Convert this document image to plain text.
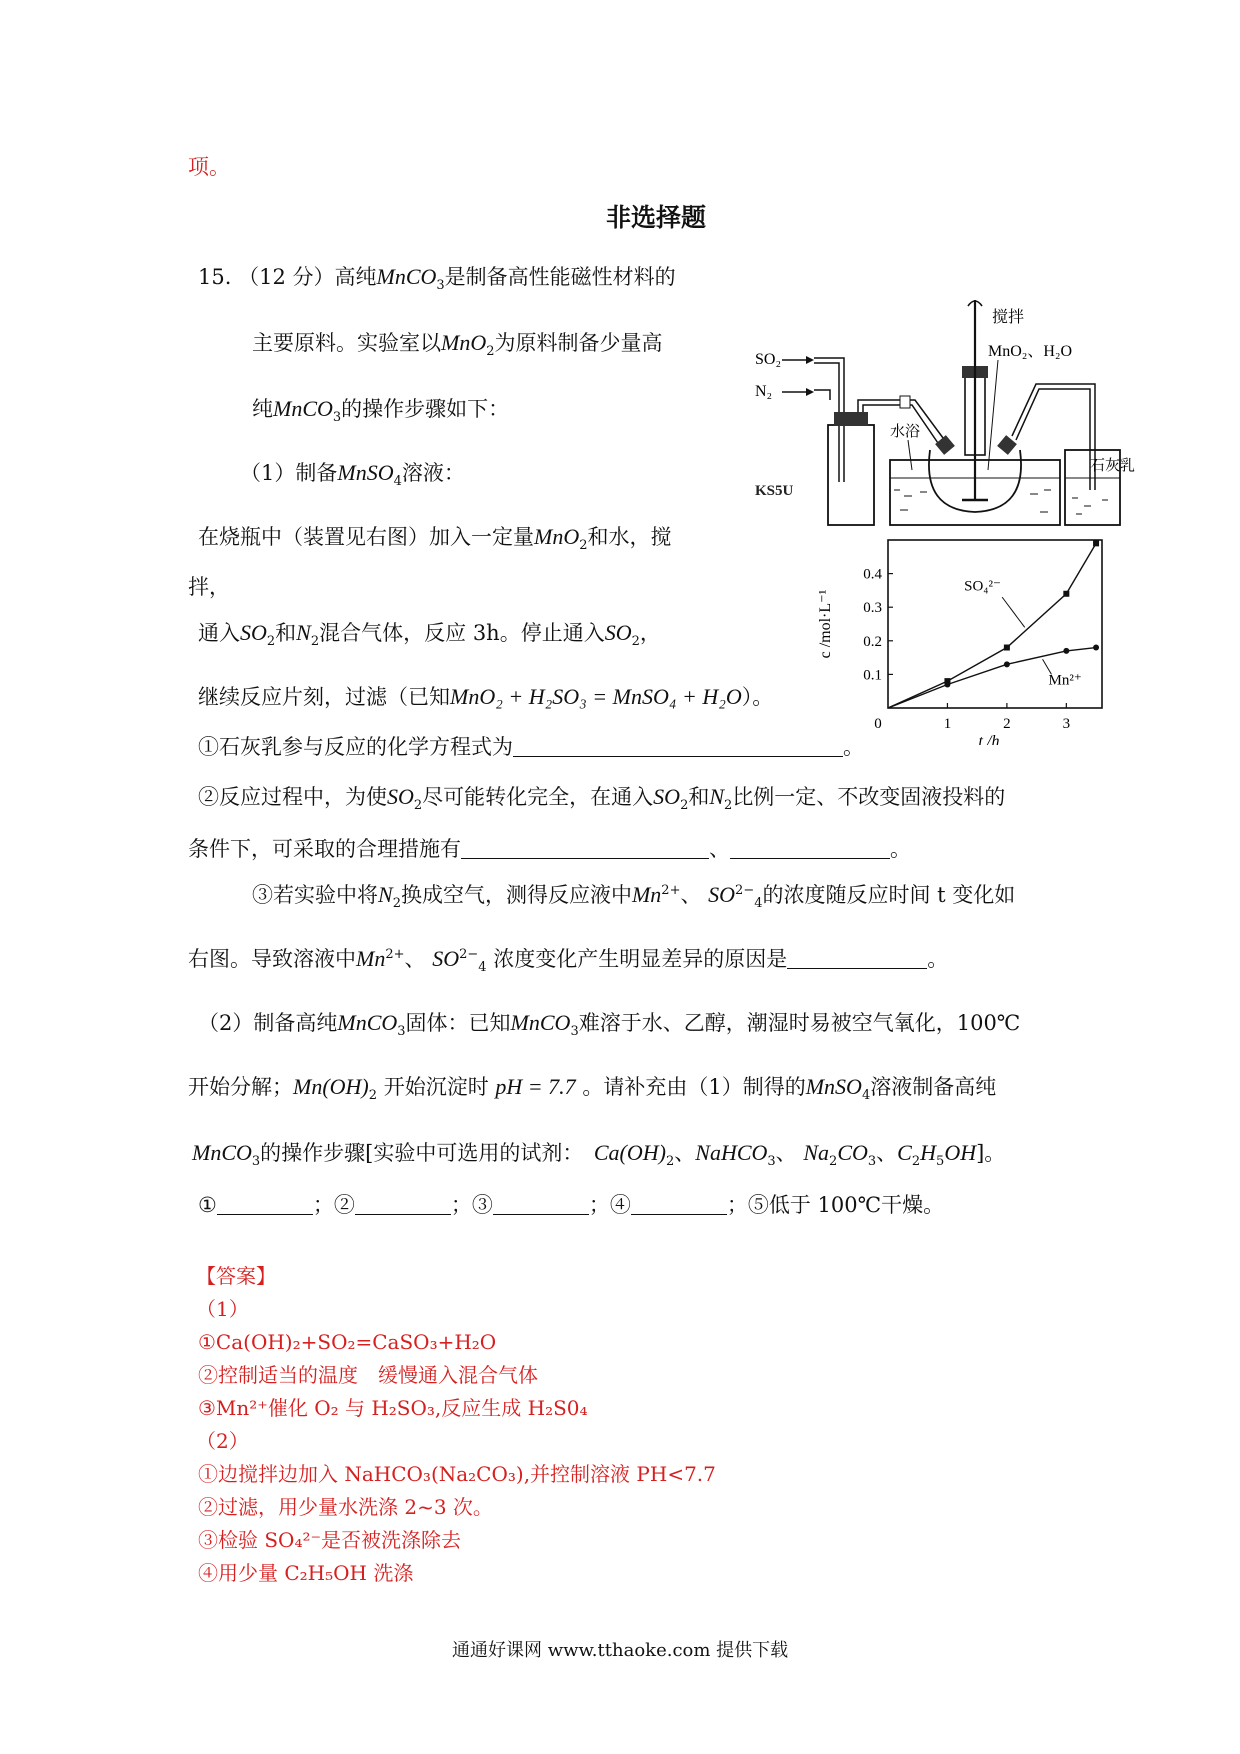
项。
非选择题
15. （12 分）高纯MnCO$_3$是制备高性能磁性材料的
主要原料。实验室以MnO$_2$为原料制备少量高
纯MnCO$_3$的操作步骤如下：
（1）制备MnSO$_4$溶液：
在烧瓶中（装置见右图）加入一定量MnO$_2$和水，搅
拌，
通入$SO_2$和$N_2$混合气体，反应 3h。停止通入$SO_2$，
继续反应片刻，过滤（已知MnO₂ + H₂SO₃ = MnSO₄ + H₂O）。
①石灰乳参与反应的化学方程式为	。
②反应过程中，为使$SO_2$尽可能转化完全，在通入$SO_2$和$N_2$比例一定、不改变固液投料的
条件下，可采取的合理措施有	、	。
③若实验中将$N_2$换成空气，测得反应液中$Mn^{2+}$、 $SO^{2-}_4$的浓度随反应时间 t 变化如
右图。导致溶液中$Mn^{2+}$、 $SO^{2-}_4$ 浓度变化产生明显差异的原因是	。
（2）制备高纯MnCO$_3$固体：已知MnCO$_3$难溶于水、乙醇，潮湿时易被空气氧化，100℃
开始分解；$Mn(OH)_2$ 开始沉淀时 pH = 7.7 。请补充由（1）制得的MnSO$_4$溶液制备高纯
MnCO$_3$的操作步骤[实验中可选用的试剂：　 $Ca(OH)_2$、NaHCO$_3$、 $Na_2CO_3$、$C_2H_5OH$]。
①	；②	；③	；④	；⑤低于 100℃干燥。
【答案】
（1）
①Ca(OH)₂+SO₂=CaSO₃+H₂O
②控制适当的温度　缓慢通入混合气体
③Mn²⁺催化 O₂ 与 H₂SO₃,反应生成 H₂S0₄
（2）
①边搅拌边加入 NaHCO₃(Na₂CO₃),并控制溶液 PH<7.7
②过滤，用少量水洗涤 2~3 次。
③检验 SO₄²⁻是否被洗涤除去
④用少量 C₂H₅OH 洗涤
通通好课网 www.tthaoke.com 提供下载
SO₂
N₂
搅拌
MnO₂、H₂O
水浴
石灰乳
KS5U
0.1
0.2
0.3
0.4
0	1	2	3
t /h
c /mol·L⁻¹
SO₄²⁻
Mn²⁺
